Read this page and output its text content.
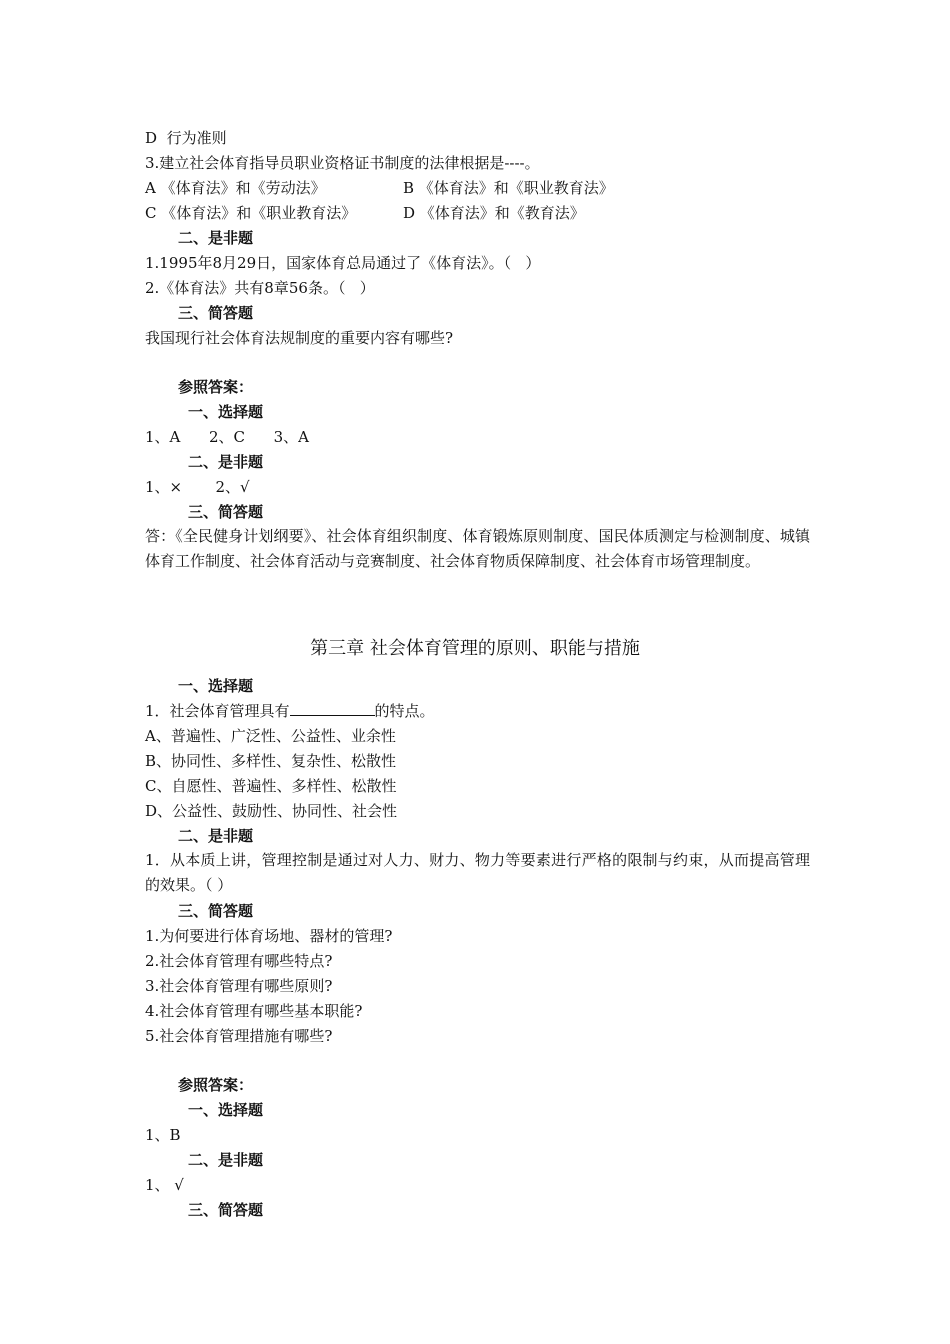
D  行为准则
3.建立社会体育指导员职业资格证书制度的法律根据是----。
A 《体育法》和《劳动法》	B 《体育法》和《职业教育法》
C 《体育法》和《职业教育法》	D 《体育法》和《教育法》
二、是非题
1.1995年8月29日，国家体育总局通过了《体育法》。（   ）
2.《体育法》共有8章56条。（   ）
三、简答题
我国现行社会体育法规制度的重要内容有哪些?
参照答案：
一、选择题
1、A      2、C      3、A
二、是非题
1、×       2、√
三、简答题
答：《全民健身计划纲要》、社会体育组织制度、体育锻炼原则制度、国民体质测定与检测制度、城镇体育工作制度、社会体育活动与竞赛制度、社会体育物质保障制度、社会体育市场管理制度。
第三章 社会体育管理的原则、职能与措施
一、选择题
1．社会体育管理具有	的特点。
A、普遍性、广泛性、公益性、业余性
B、协同性、多样性、复杂性、松散性
C、自愿性、普遍性、多样性、松散性
D、公益性、鼓励性、协同性、社会性
二、是非题
1．从本质上讲，管理控制是通过对人力、财力、物力等要素进行严格的限制与约束，从而提高管理的效果。（ ）
三、简答题
1.为何要进行体育场地、器材的管理?
2.社会体育管理有哪些特点?
3.社会体育管理有哪些原则?
4.社会体育管理有哪些基本职能?
5.社会体育管理措施有哪些?
参照答案：
一、选择题
1、B
二、是非题
1、 √
三、简答题
